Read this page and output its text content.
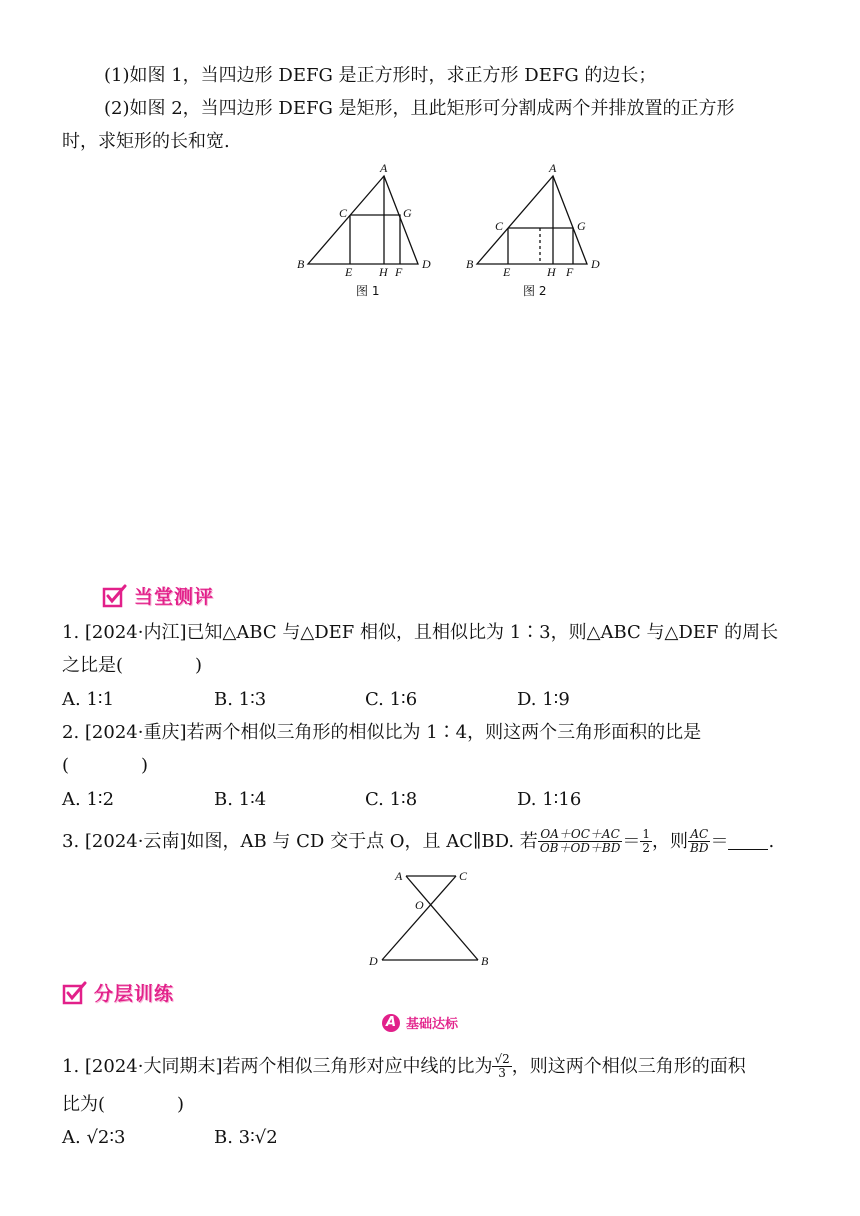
(1)如图 1，当四边形 DEFG 是正方形时，求正方形 DEFG 的边长；
(2)如图 2，当四边形 DEFG 是矩形，且此矩形可分割成两个并排放置的正方形
时，求矩形的长和宽.
A
C	G
B
E H F
D
图 1
A
C	G
B
E	H F
D
图 2
当堂测评
1. [2024·内江]已知△ABC 与△DEF 相似，且相似比为 1∶3，则△ABC 与△DEF 的周长
之比是(　　　　)
A. 1∶1	B. 1∶3	C. 1∶6	D. 1∶9
2. [2024·重庆]若两个相似三角形的相似比为 1∶4，则这两个三角形面积的比是
(　　　　)
A. 1∶2	B. 1∶4	C. 1∶8	D. 1∶16
3. [2024·云南]如图，AB 与 CD 交于点 O，且 AC∥BD. 若 $\frac{OA+OC+AC}{OB+OD+BD} = \frac{1}{2}$ ，则 $\frac{AC}{BD}$ ＝ .
A	C
O
D	B
分层训练
A 基础达标
1. [2024·大同期末]若两个相似三角形对应中线的比为 $\frac{√2}{3}$ ，则这两个相似三角形的面积
比为(　　　　)
A. √2∶3	B. 3∶√2
